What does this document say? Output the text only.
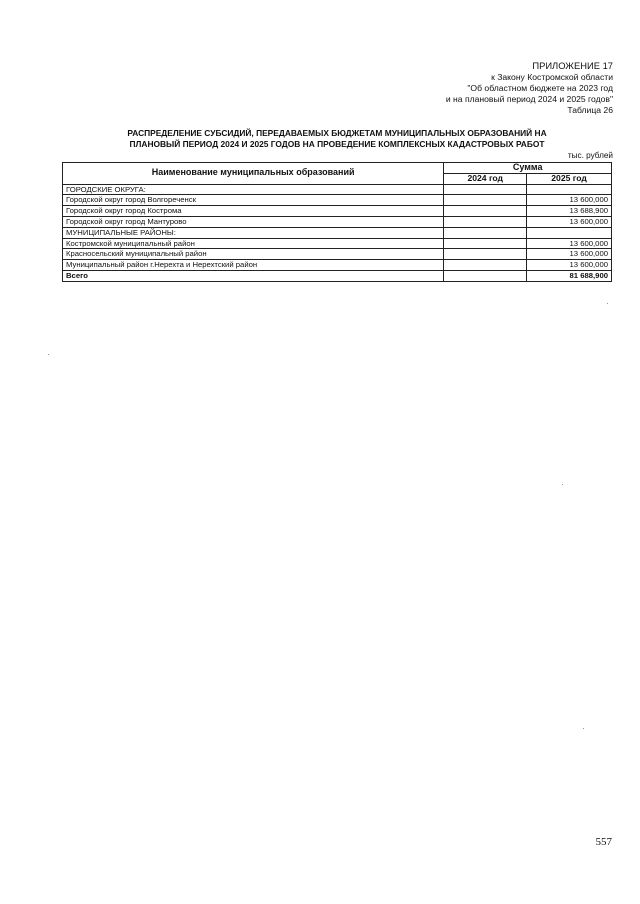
ПРИЛОЖЕНИЕ 17
к Закону Костромской области
"Об областном бюджете на 2023 год
и на плановый период 2024 и 2025 годов"
Таблица 26
РАСПРЕДЕЛЕНИЕ СУБСИДИЙ, ПЕРЕДАВАЕМЫХ БЮДЖЕТАМ МУНИЦИПАЛЬНЫХ ОБРАЗОВАНИЙ НА
ПЛАНОВЫЙ ПЕРИОД 2024 И 2025 ГОДОВ НА ПРОВЕДЕНИЕ КОМПЛЕКСНЫХ КАДАСТРОВЫХ РАБОТ
тыс. рублей
Наименование муниципальных образований	Сумма	
	2024 год	2025 год
ГОРОДСКИЕ ОКРУГА:		
Городской округ город Волгореченск		13 600,000
Городской округ город Кострома		13 688,900
Городской округ город Мантурово		13 600,000
МУНИЦИПАЛЬНЫЕ РАЙОНЫ:		
Костромской муниципальный район		13 600,000
Красносельский муниципальный район		13 600,000
Муниципальный район г.Нерехта и Нерехтский район		13 600,000
Всего		81 688,900
557
